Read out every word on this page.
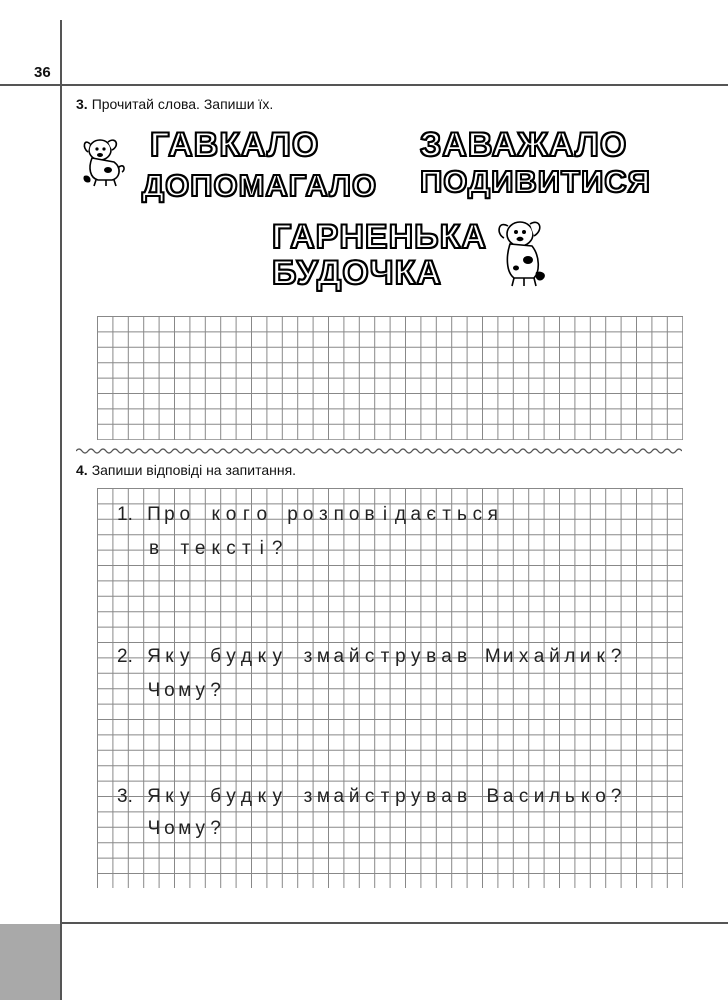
36
3. Прочитай слова. Запиши їх.
ГАВКАЛО	ЗАВАЖАЛО
ДОПОМАГАЛО ПОДИВИТИСЯ
ГАРНЕНЬКА
БУДОЧКА
4. Запиши відповіді на запитання.
1. П р о к о г о р о з п о в і д а є т ь с я
в т е к с т і ?
2. Я к у б у д к у з м а й с т р у в а в М и х а й л и к ?
Ч о м у ?
3. Я к у б у д к у з м а й с т р у в а в В а с и л ь к о ?
Ч о м у ?
